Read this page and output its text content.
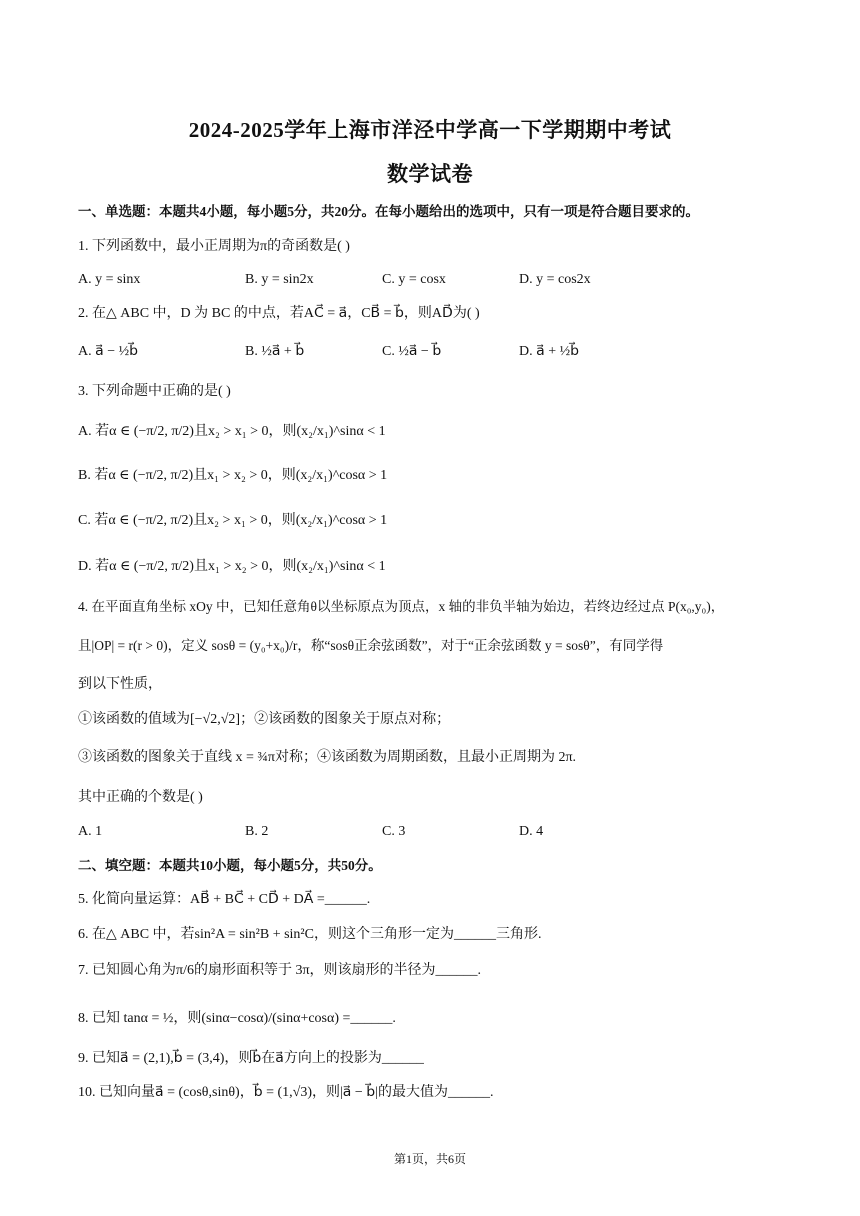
2024-2025学年上海市洋泾中学高一下学期期中考试
数学试卷
一、单选题：本题共4小题，每小题5分，共20分。在每小题给出的选项中，只有一项是符合题目要求的。
1. 下列函数中，最小正周期为π的奇函数是( )
A. y = sinx	B. y = sin2x	C. y = cosx	D. y = cos2x
2. 在△ ABC 中，D 为 BC 的中点，若AC⃗ = a⃗，CB⃗ = b⃗，则AD⃗为( )
A. a⃗ − ½b⃗	B. ½a⃗ + b⃗	C. ½a⃗ − b⃗	D. a⃗ + ½b⃗
3. 下列命题中正确的是( )
A. 若α ∈ (−π/2, π/2)且x₂ > x₁ > 0，则(x₂/x₁)^sinα < 1
B. 若α ∈ (−π/2, π/2)且x₁ > x₂ > 0，则(x₂/x₁)^cosα > 1
C. 若α ∈ (−π/2, π/2)且x₂ > x₁ > 0，则(x₂/x₁)^cosα > 1
D. 若α ∈ (−π/2, π/2)且x₁ > x₂ > 0，则(x₂/x₁)^sinα < 1
4. 在平面直角坐标 xOy 中，已知任意角θ以坐标原点为顶点，x 轴的非负半轴为始边，若终边经过点 P(x₀,y₀)，
且|OP| = r(r > 0)，定义 sosθ = (y₀+x₀)/r，称“sosθ正余弦函数”，对于“正余弦函数 y = sosθ”，有同学得
到以下性质，
①该函数的值域为[−√2,√2]；②该函数的图象关于原点对称；
③该函数的图象关于直线 x = ¾π对称；④该函数为周期函数，且最小正周期为 2π.
其中正确的个数是( )
A. 1	B. 2	C. 3	D. 4
二、填空题：本题共10小题，每小题5分，共50分。
5. 化简向量运算：AB⃗ + BC⃗ + CD⃗ + DA⃗ =______.
6. 在△ ABC 中，若sin²A = sin²B + sin²C，则这个三角形一定为______三角形.
7. 已知圆心角为π/6的扇形面积等于 3π，则该扇形的半径为______.
8. 已知 tanα = ½，则(sinα−cosα)/(sinα+cosα) =______.
9. 已知a⃗ = (2,1),b⃗ = (3,4)，则b⃗在a⃗方向上的投影为______
10. 已知向量a⃗ = (cosθ,sinθ)，b⃗ = (1,√3)，则|a⃗ − b⃗|的最大值为______.
第1页，共6页
